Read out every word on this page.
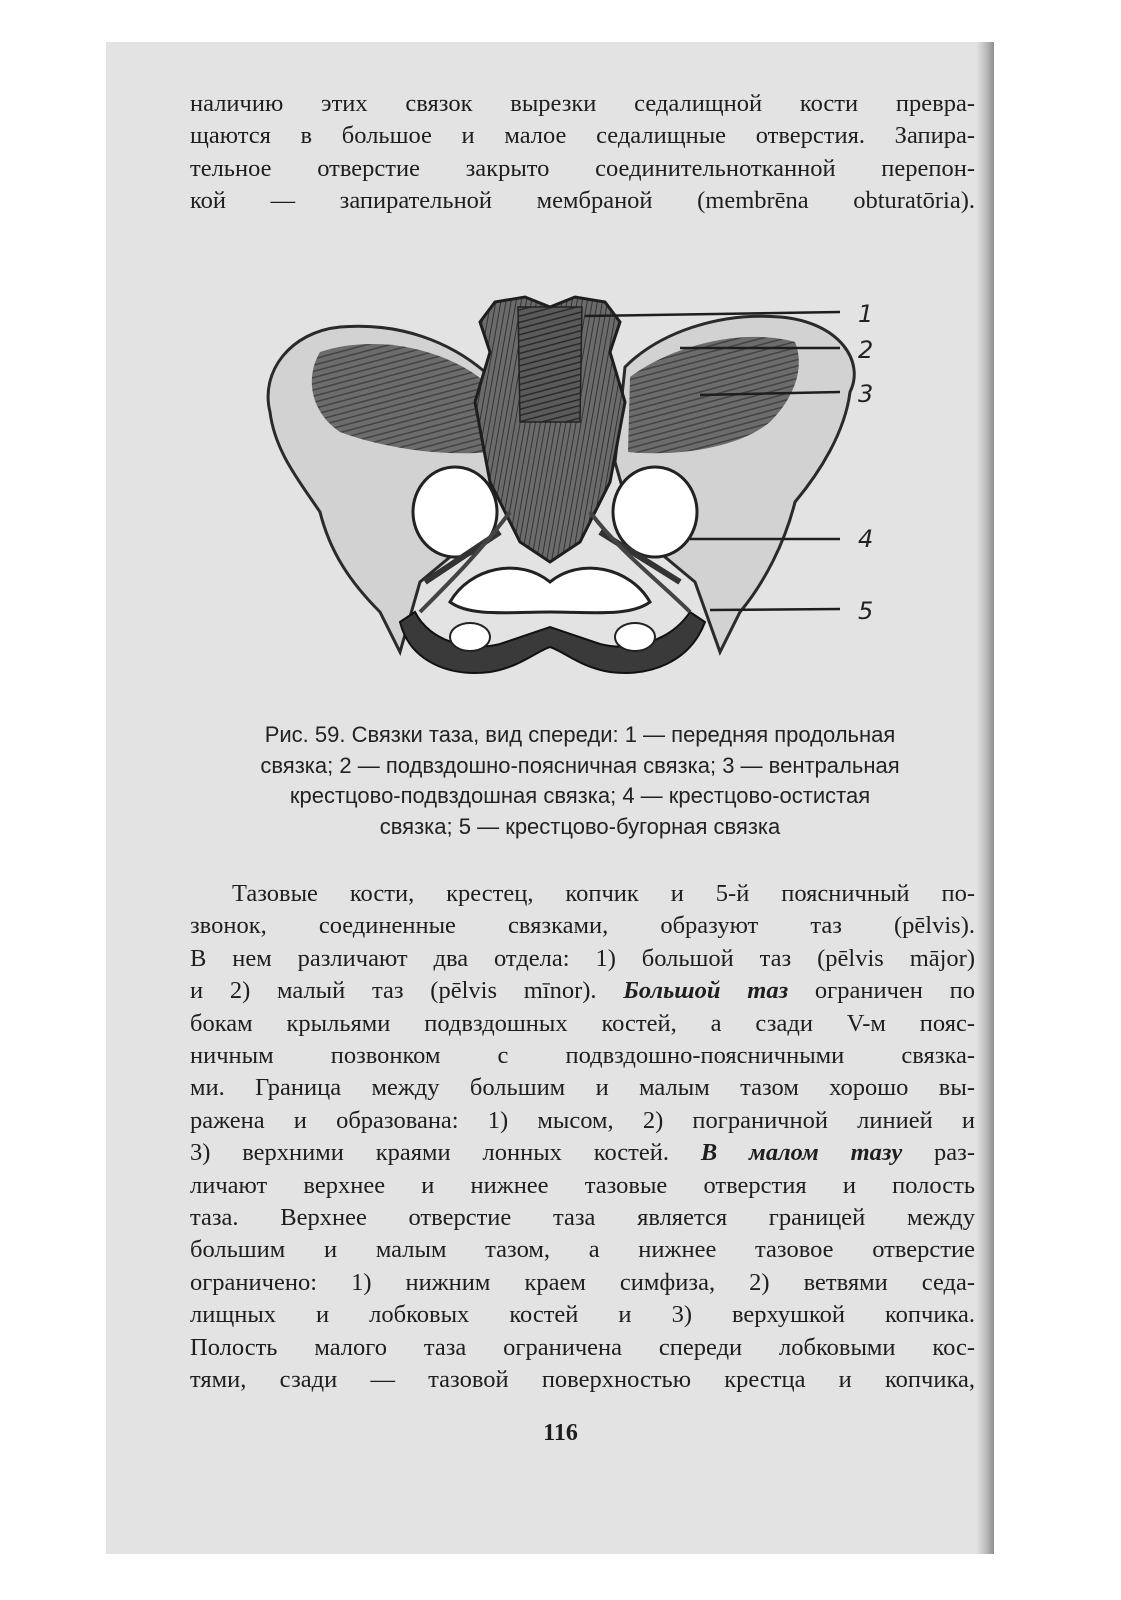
наличию этих связок вырезки седалищной кости превра-
щаются в большое и малое седалищные отверстия. Запира-
тельное отверстие закрыто соединительнотканной перепон-
кой — запирательной мембраной (membrēna obturatōria).
1
2
3
4
5
Рис. 59. Связки таза, вид спереди: 1 — передняя продольная
связка; 2 — подвздошно-поясничная связка; 3 — вентральная
крестцово-подвздошная связка; 4 — крестцово-остистая
связка; 5 — крестцово-бугорная связка
Тазовые кости, крестец, копчик и 5-й поясничный по-
звонок, соединенные связками, образуют таз (pēlvis).
В нем различают два отдела: 1) большой таз (pēlvis mājor)
и 2) малый таз (pēlvis mīnor). Большой таз ограничен по
бокам крыльями подвздошных костей, а сзади V-м пояс-
ничным позвонком с подвздошно-поясничными связка-
ми. Граница между большим и малым тазом хорошо вы-
ражена и образована: 1) мысом, 2) пограничной линией и
3) верхними краями лонных костей. В малом тазу раз-
личают верхнее и нижнее тазовые отверстия и полость
таза. Верхнее отверстие таза является границей между
большим и малым тазом, а нижнее тазовое отверстие
ограничено: 1) нижним краем симфиза, 2) ветвями седа-
лищных и лобковых костей и 3) верхушкой копчика.
Полость малого таза ограничена спереди лобковыми кос-
тями, сзади — тазовой поверхностью крестца и копчика,
116
